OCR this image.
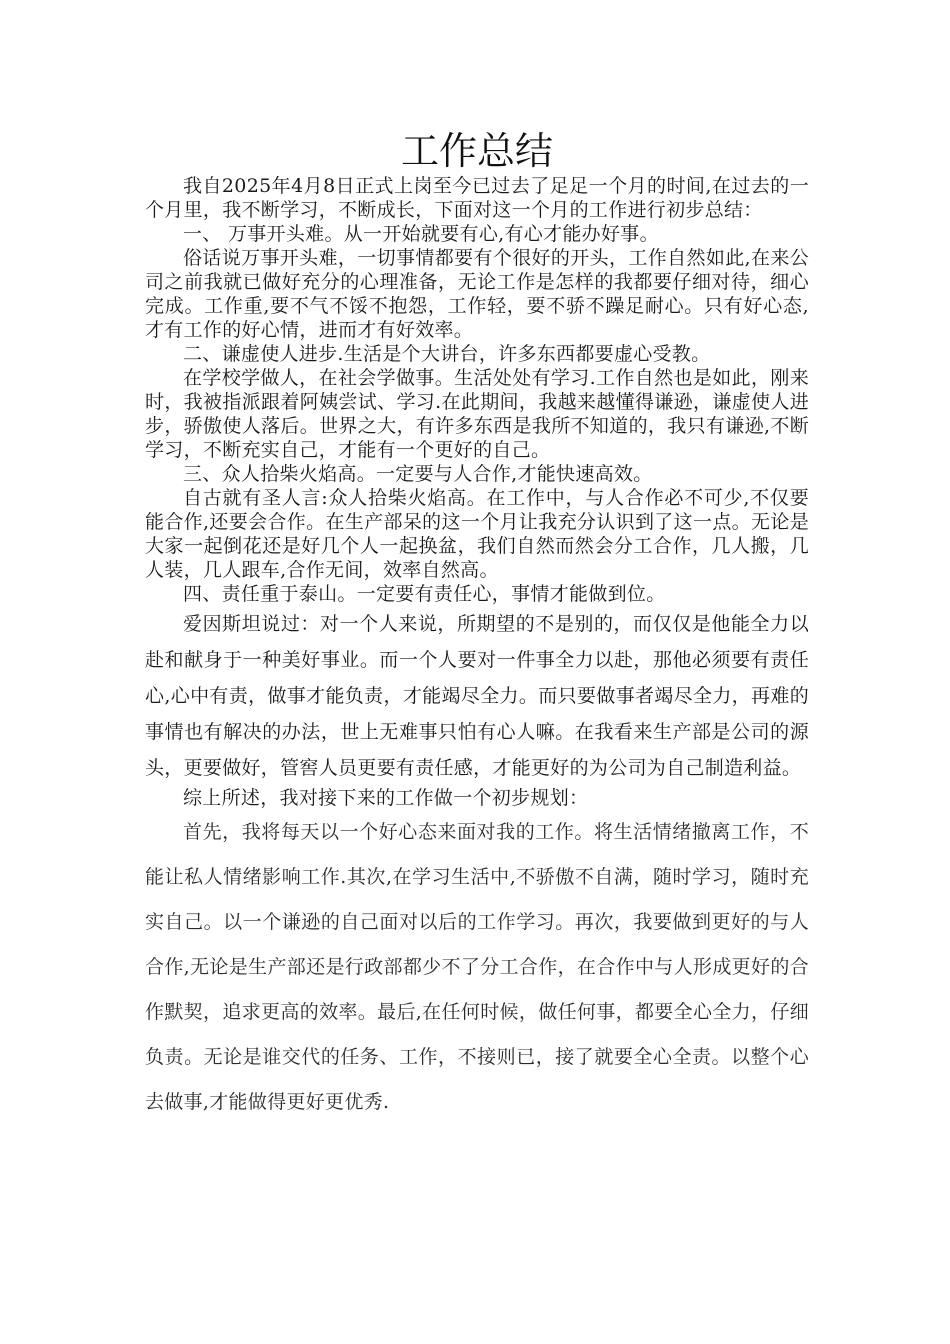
工作总结

我自2025年4月8日正式上岗至今已过去了足足一个月的时间,在过去的一个月里，我不断学习，不断成长，下面对这一个月的工作进行初步总结：

一、 万事开头难。从一开始就要有心,有心才能办好事。

俗话说万事开头难，一切事情都要有个很好的开头，工作自然如此,在来公司之前我就已做好充分的心理准备，无论工作是怎样的我都要仔细对待，细心完成。工作重,要不气不馁不抱怨，工作轻，要不骄不躁足耐心。只有好心态,才有工作的好心情，进而才有好效率。

二、谦虚使人进步.生活是个大讲台，许多东西都要虚心受教。

在学校学做人，在社会学做事。生活处处有学习.工作自然也是如此，刚来时，我被指派跟着阿姨尝试、学习.在此期间，我越来越懂得谦逊，谦虚使人进步，骄傲使人落后。世界之大，有许多东西是我所不知道的，我只有谦逊,不断学习，不断充实自己，才能有一个更好的自己。

三、众人拾柴火焰高。一定要与人合作,才能快速高效。

自古就有圣人言:众人拾柴火焰高。在工作中，与人合作必不可少,不仅要能合作,还要会合作。在生产部呆的这一个月让我充分认识到了这一点。无论是大家一起倒花还是好几个人一起换盆，我们自然而然会分工合作，几人搬，几人装，几人跟车,合作无间，效率自然高。

四、责任重于泰山。一定要有责任心，事情才能做到位。

爱因斯坦说过：对一个人来说，所期望的不是别的，而仅仅是他能全力以赴和献身于一种美好事业。而一个人要对一件事全力以赴，那他必须要有责任心,心中有责，做事才能负责，才能竭尽全力。而只要做事者竭尽全力，再难的事情也有解决的办法，世上无难事只怕有心人嘛。在我看来生产部是公司的源头，更要做好，管窖人员更要有责任感，才能更好的为公司为自己制造利益。

综上所述，我对接下来的工作做一个初步规划：

首先，我将每天以一个好心态来面对我的工作。将生活情绪撤离工作，不能让私人情绪影响工作.其次,在学习生活中,不骄傲不自满，随时学习，随时充实自己。以一个谦逊的自己面对以后的工作学习。再次，我要做到更好的与人合作,无论是生产部还是行政部都少不了分工合作，在合作中与人形成更好的合作默契，追求更高的效率。最后,在任何时候，做任何事，都要全心全力，仔细负责。无论是谁交代的任务、工作，不接则已，接了就要全心全责。以整个心去做事,才能做得更好更优秀.
